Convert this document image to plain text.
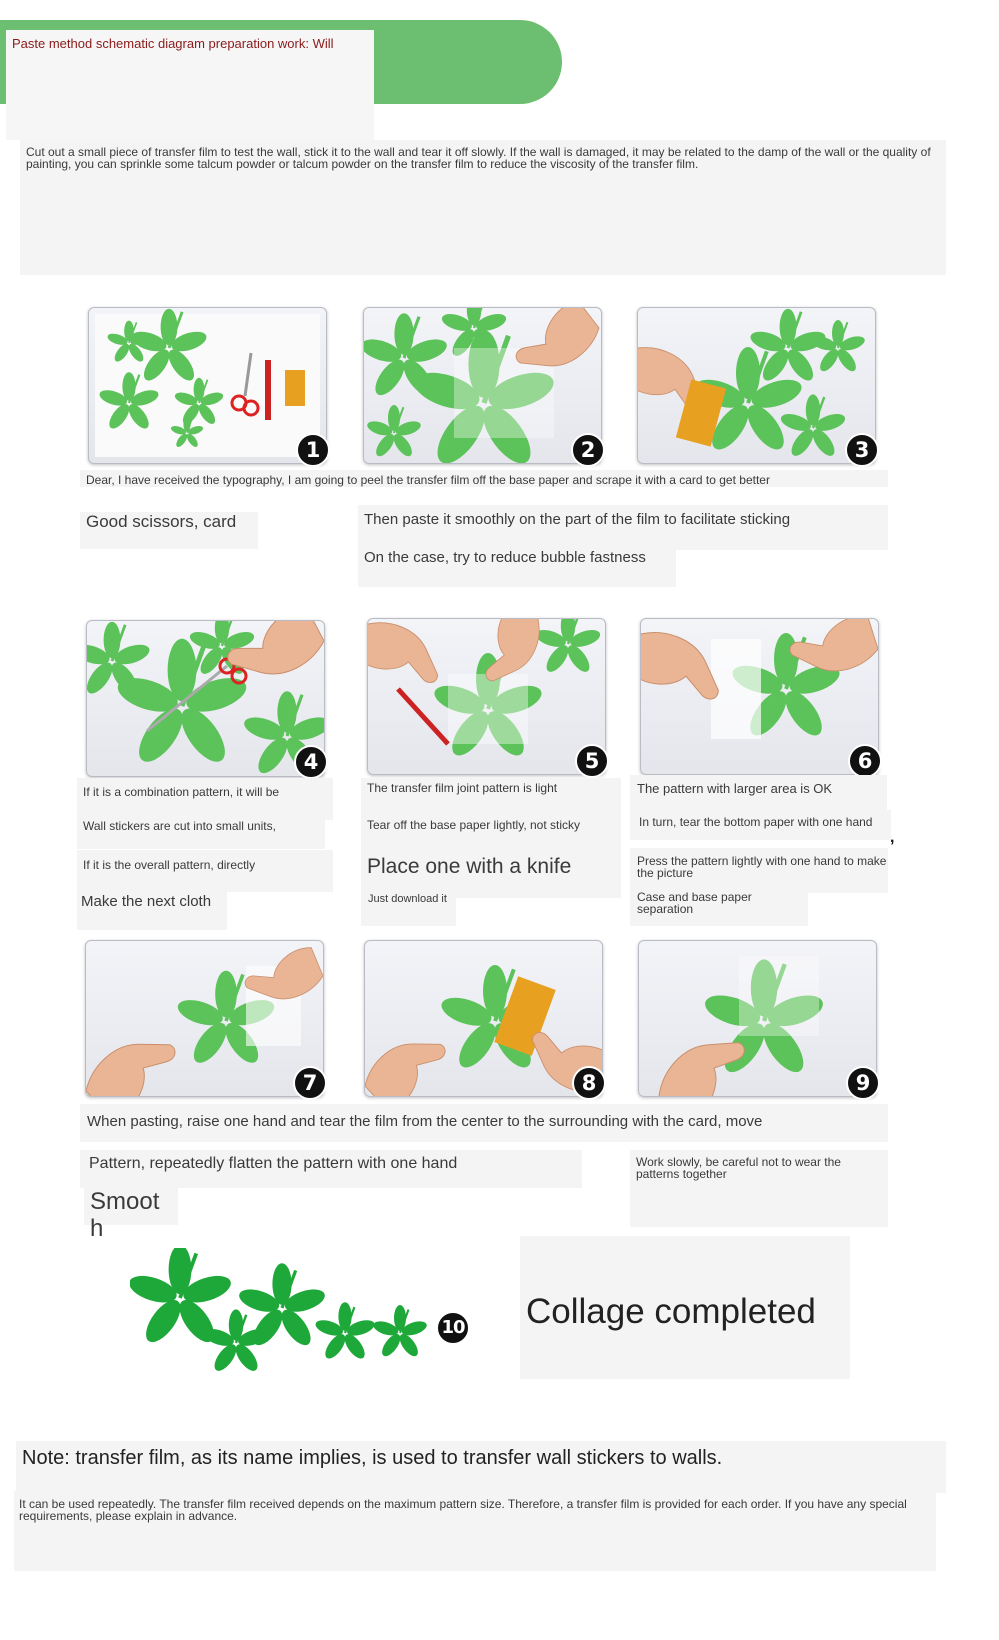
Paste method schematic diagram preparation work: Will
Cut out a small piece of transfer film to test the wall, stick it to the wall and tear it off slowly. If the wall is damaged, it may be related to the damp of the wall or the quality of painting, you can sprinkle some talcum powder or talcum powder on the transfer film to reduce the viscosity of the transfer film.
1	2	3
Dear, I have received the typography, I am going to peel the transfer film off the base paper and scrape it with a card to get better
Good scissors, card	Then paste it smoothly on the part of the film to facilitate sticking
On the case, try to reduce bubble fastness
4	5	6
If it is a combination pattern, it will be
Wall stickers are cut into small units,
If it is the overall pattern, directly
Make the next cloth
The transfer film joint pattern is light
Tear off the base paper lightly, not sticky
Place one with a knife
Just download it
The pattern with larger area is OK
In turn, tear the bottom paper with one hand
,
Press the pattern lightly with one hand to make the picture
Case and base paper separation
7	8	9
When pasting, raise one hand and tear the film from the center to the surrounding with the card, move
Pattern, repeatedly flatten the pattern with one hand	Work slowly, be careful not to wear the patterns together
Smooth
10 Collage completed
Note: transfer film, as its name implies, is used to transfer wall stickers to walls.
It can be used repeatedly. The transfer film received depends on the maximum pattern size. Therefore, a transfer film is provided for each order. If you have any special requirements, please explain in advance.
